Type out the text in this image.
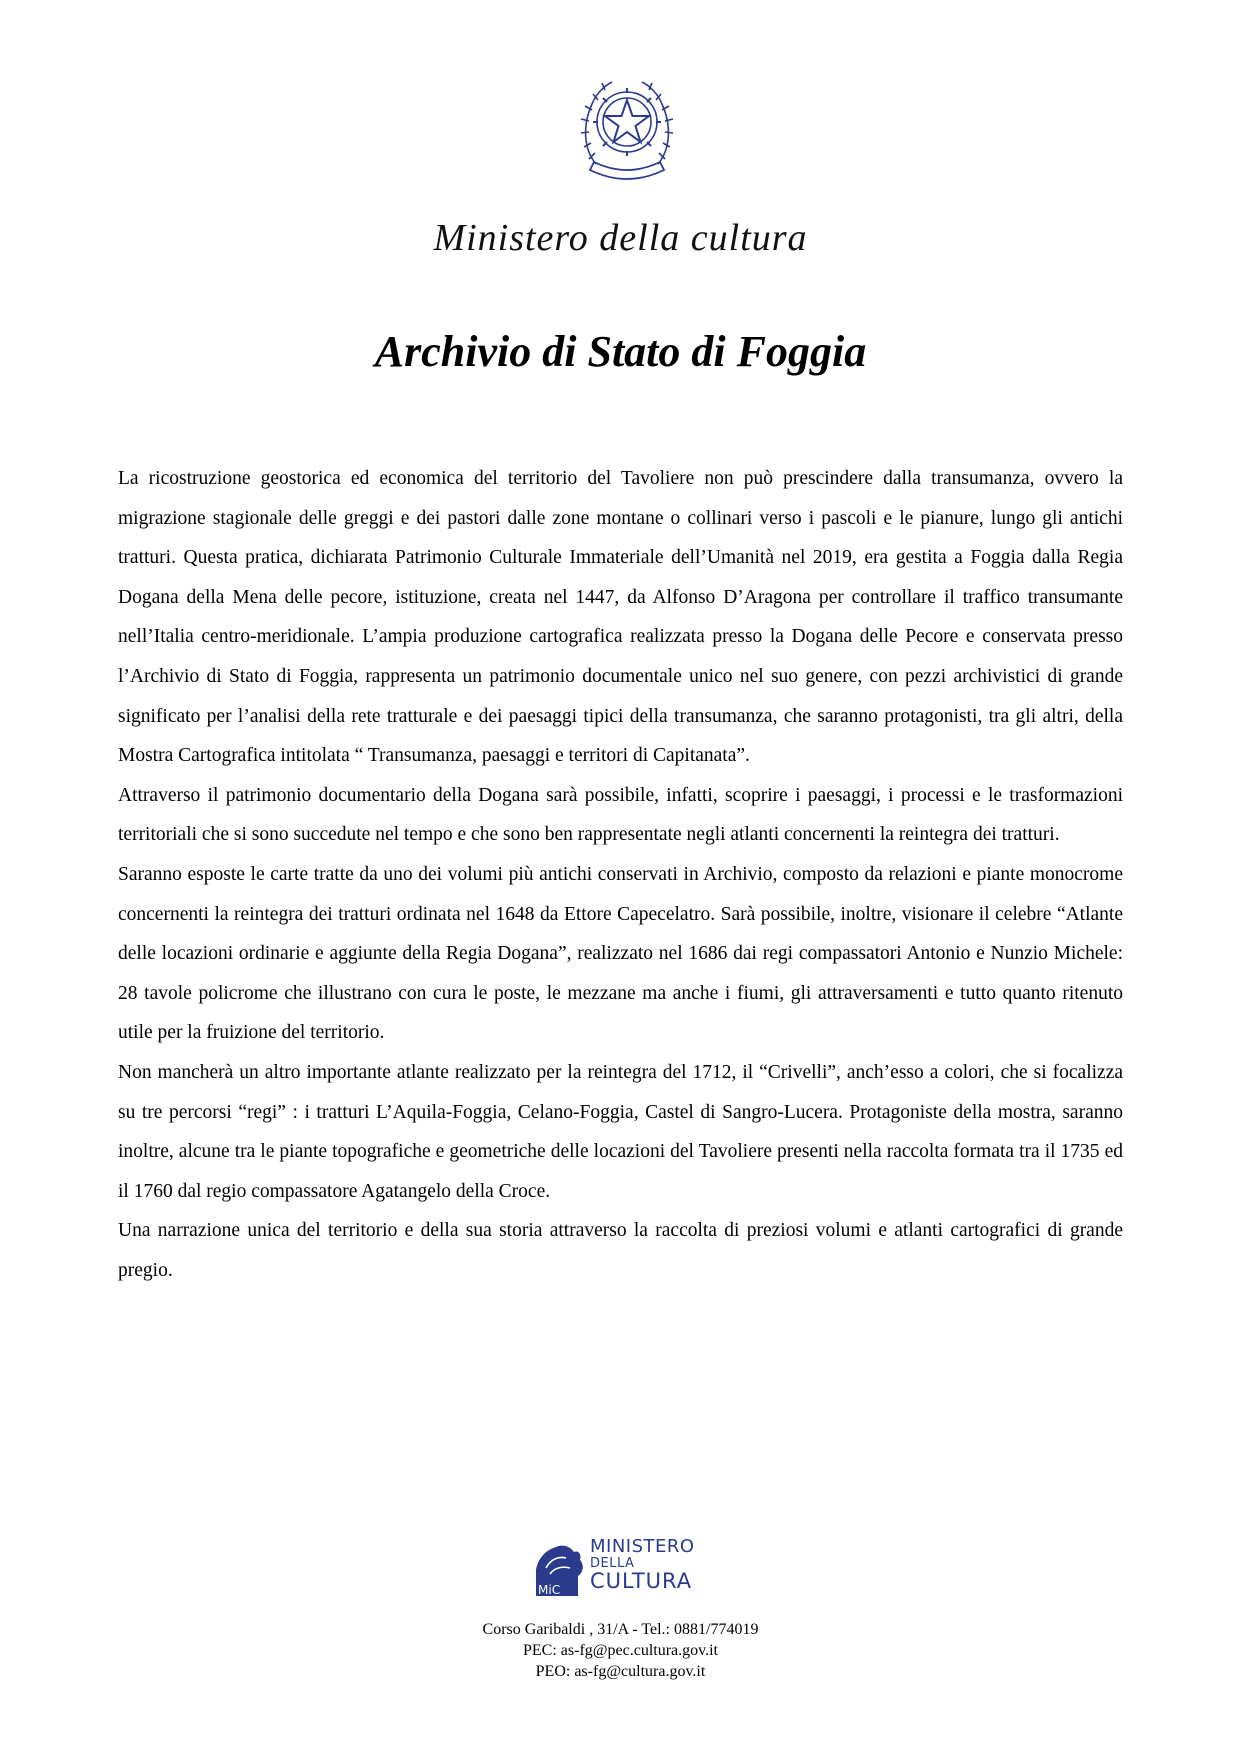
Ministero della cultura
Archivio di Stato di Foggia

La ricostruzione geostorica ed economica del territorio del Tavoliere non può prescindere dalla transumanza, ovvero la migrazione stagionale delle greggi e dei pastori dalle zone montane o collinari verso i pascoli e le pianure, lungo gli antichi tratturi. Questa pratica, dichiarata Patrimonio Culturale Immateriale dell’Umanità nel 2019, era gestita a Foggia dalla Regia Dogana della Mena delle pecore, istituzione, creata nel 1447, da Alfonso D’Aragona per controllare il traffico transumante nell’Italia centro-meridionale. L’ampia produzione cartografica realizzata presso la Dogana delle Pecore e conservata presso l’Archivio di Stato di Foggia, rappresenta un patrimonio documentale unico nel suo genere, con pezzi archivistici di grande significato per l’analisi della rete tratturale e dei paesaggi tipici della transumanza, che saranno protagonisti, tra gli altri, della Mostra Cartografica intitolata “ Transumanza, paesaggi e territori di Capitanata”.

Attraverso il patrimonio documentario della Dogana sarà possibile, infatti, scoprire i paesaggi, i processi e le trasformazioni territoriali che si sono succedute nel tempo e che sono ben rappresentate negli atlanti concernenti la reintegra dei tratturi.

Saranno esposte le carte tratte da uno dei volumi più antichi conservati in Archivio, composto da relazioni e piante monocrome concernenti la reintegra dei tratturi ordinata nel 1648 da Ettore Capecelatro. Sarà possibile, inoltre, visionare il celebre “Atlante delle locazioni ordinarie e aggiunte della Regia Dogana”, realizzato nel 1686 dai regi compassatori Antonio e Nunzio Michele: 28 tavole policrome che illustrano con cura le poste, le mezzane ma anche i fiumi, gli attraversamenti e tutto quanto ritenuto utile per la fruizione del territorio.

Non mancherà un altro importante atlante realizzato per la reintegra del 1712, il “Crivelli”, anch’esso a colori, che si focalizza su tre percorsi “regi” : i tratturi L’Aquila-Foggia, Celano-Foggia, Castel di Sangro-Lucera. Protagoniste della mostra, saranno inoltre, alcune tra le piante topografiche e geometriche delle locazioni del Tavoliere presenti nella raccolta formata tra il 1735 ed il 1760 dal regio compassatore Agatangelo della Croce.

Una narrazione unica del territorio e della sua storia attraverso la raccolta di preziosi volumi e atlanti cartografici di grande pregio.

MiC
MINISTERO
DELLA
CULTURA
Corso Garibaldi , 31/A - Tel.: 0881/774019
PEC: as-fg@pec.cultura.gov.it
PEO: as-fg@cultura.gov.it
